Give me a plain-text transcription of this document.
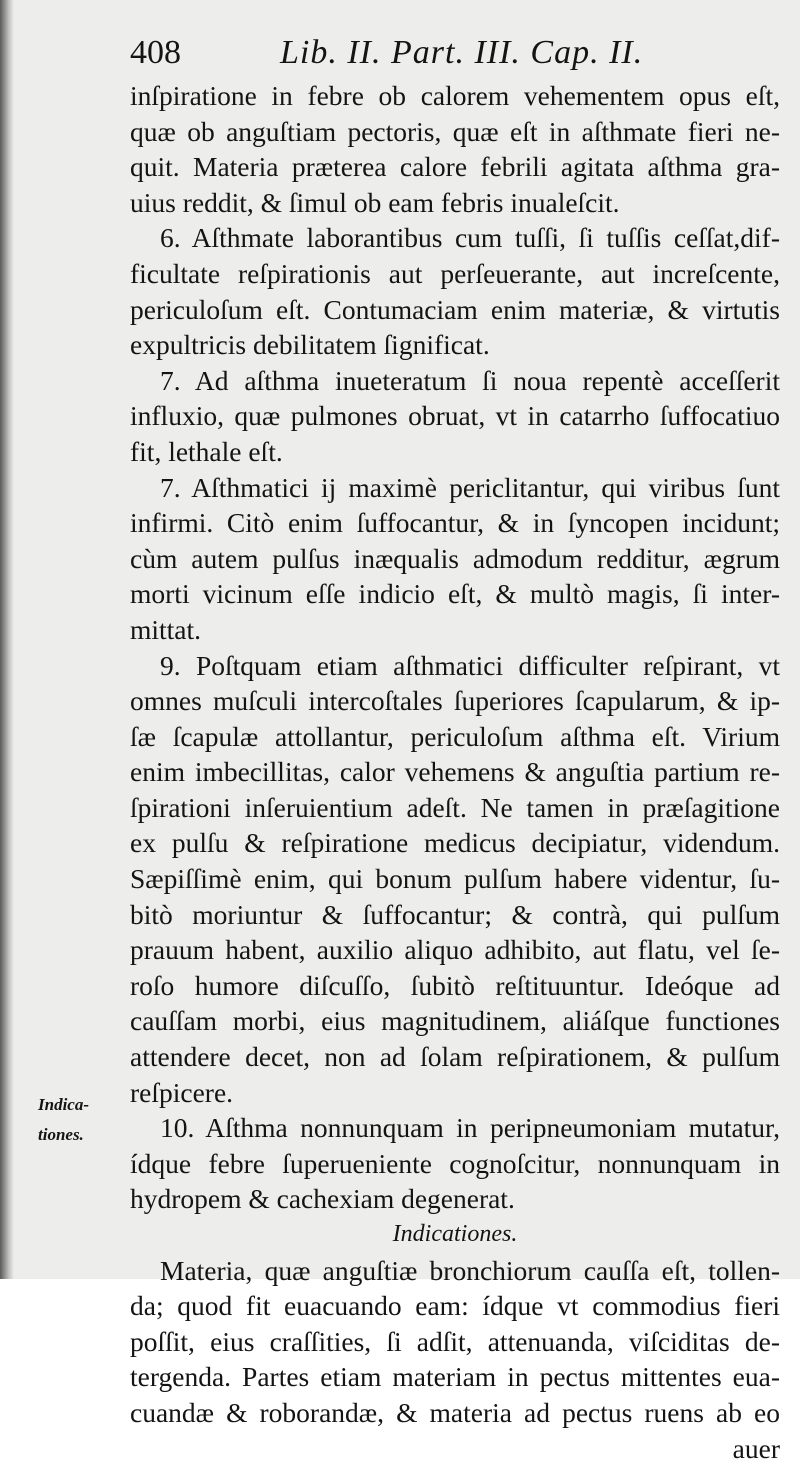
408	Lib. II. Part. III. Cap. II.
inſpiratione in febre ob calorem vehementem opus eſt,
quæ ob anguſtiam pectoris, quæ eſt in aſthmate fieri ne-
quit. Materia præterea calore febrili agitata aſthma gra-
uius reddit, & ſimul ob eam febris inualeſcit.
6. Aſthmate laborantibus cum tuſſi, ſi tuſſis ceſſat,dif-
ficultate reſpirationis aut perſeuerante, aut increſcente,
periculoſum eſt. Contumaciam enim materiæ, & virtutis
expultricis debilitatem ſignificat.
7. Ad aſthma inueteratum ſi noua repentè acceſſerit
influxio, quæ pulmones obruat, vt in catarrho ſuffocatiuo
fit, lethale eſt.
7. Aſthmatici ij maximè periclitantur, qui viribus ſunt
infirmi. Citò enim ſuffocantur, & in ſyncopen incidunt;
cùm autem pulſus inæqualis admodum redditur, ægrum
morti vicinum eſſe indicio eſt, & multò magis, ſi inter-
mittat.
9. Poſtquam etiam aſthmatici difficulter reſpirant, vt
omnes muſculi intercoſtales ſuperiores ſcapularum, & ip-
ſæ ſcapulæ attollantur, periculoſum aſthma eſt. Virium
enim imbecillitas, calor vehemens & anguſtia partium re-
ſpirationi inſeruientium adeſt. Ne tamen in præſagitione
ex pulſu & reſpiratione medicus decipiatur, videndum.
Sæpiſſimè enim, qui bonum pulſum habere videntur, ſu-
bitò moriuntur & ſuffocantur; & contrà, qui pulſum
prauum habent, auxilio aliquo adhibito, aut flatu, vel ſe-
roſo humore diſcuſſo, ſubitò reſtituuntur. Ideóque ad
cauſſam morbi, eius magnitudinem, aliáſque functiones
attendere decet, non ad ſolam reſpirationem, & pulſum
reſpicere.
10. Aſthma nonnunquam in peripneumoniam mutatur,
ídque febre ſuperueniente cognoſcitur, nonnunquam in
hydropem & cachexiam degenerat.
Indicationes.
Materia, quæ anguſtiæ bronchiorum cauſſa eſt, tollen-
da; quod fit euacuando eam: ídque vt commodius fieri
poſſit, eius craſſities, ſi adſit, attenuanda, viſciditas de-
tergenda. Partes etiam materiam in pectus mittentes eua-
cuandæ & roborandæ, & materia ad pectus ruens ab eo
auer
Indica-
tiones.
